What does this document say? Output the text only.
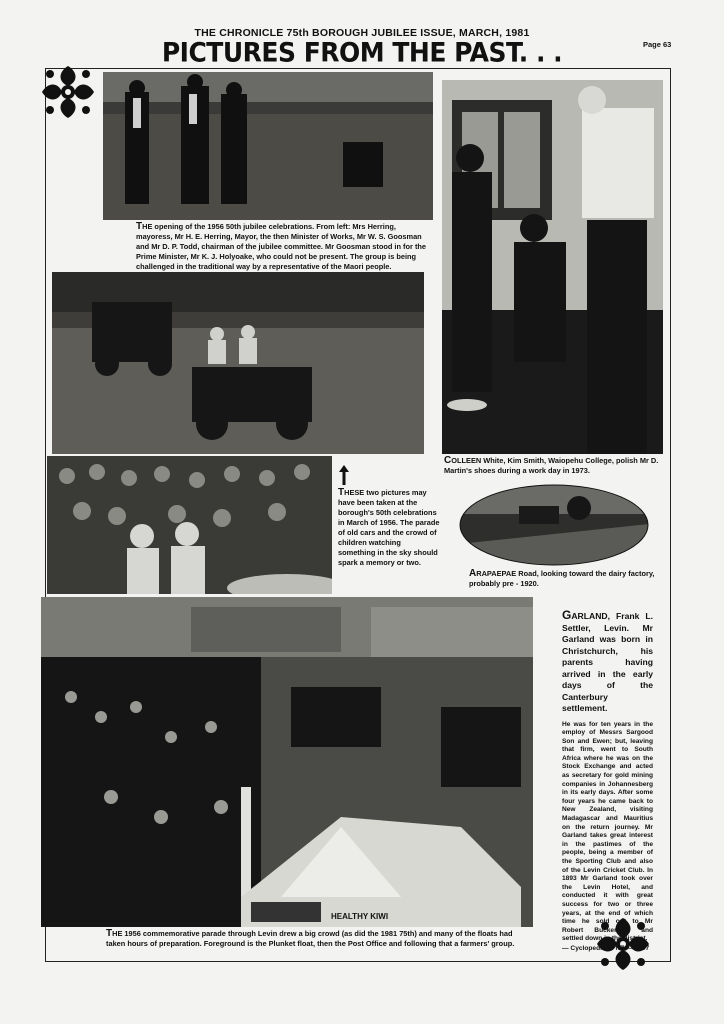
THE CHRONICLE 75th BOROUGH JUBILEE ISSUE, MARCH, 1981
PICTURES FROM THE PAST. . .	Page 63
THE opening of the 1956 50th jubilee celebrations. From left: Mrs Herring, mayoress, Mr H. E. Herring, Mayor, the then Minister of Works, Mr W. S. Goosman and Mr D. P. Todd, chairman of the jubilee committee. Mr Goosman stood in for the Prime Minister, Mr K. J. Holyoake, who could not be present. The group is being challenged in the traditional way by a representative of the Maori people.
THESE two pictures may have been taken at the borough's 50th celebrations in March of 1956. The parade of old cars and the crowd of children watching something in the sky should spark a memory or two.
COLLEEN White, Kim Smith, Waiopehu College, polish Mr D. Martin's shoes during a work day in 1973.
ARAPAEPAE Road, looking toward the dairy factory, probably pre - 1920.
HEALTHY KIWI
GARLAND, Frank L. Settler, Levin. Mr Garland was born in Christchurch, his parents having arrived in the early days of the Canterbury settlement.
He was for ten years in the employ of Messrs Sargood Son and Ewen; but, leaving that firm, went to South Africa where he was on the Stock Exchange and acted as secretary for gold mining companies in Johannesberg in its early days. After some four years he came back to New Zealand, visiting Madagascar and Mauritius on the return journey. Mr Garland takes great interest in the pastimes of the people, being a member of the Sporting Club and also of the Levin Cricket Club. In 1893 Mr Garland took over the Levin Hotel, and conducted it with great success for two or three years, at the end of which time he sold out to Mr Robert Buckeridge and settled down in the district.
— Cyclopedia of NZ — 1897
THE 1956 commemorative parade through Levin drew a big crowd (as did the 1981 75th) and many of the floats had taken hours of preparation. Foreground is the Plunket float, then the Post Office and following that a farmers' group.
